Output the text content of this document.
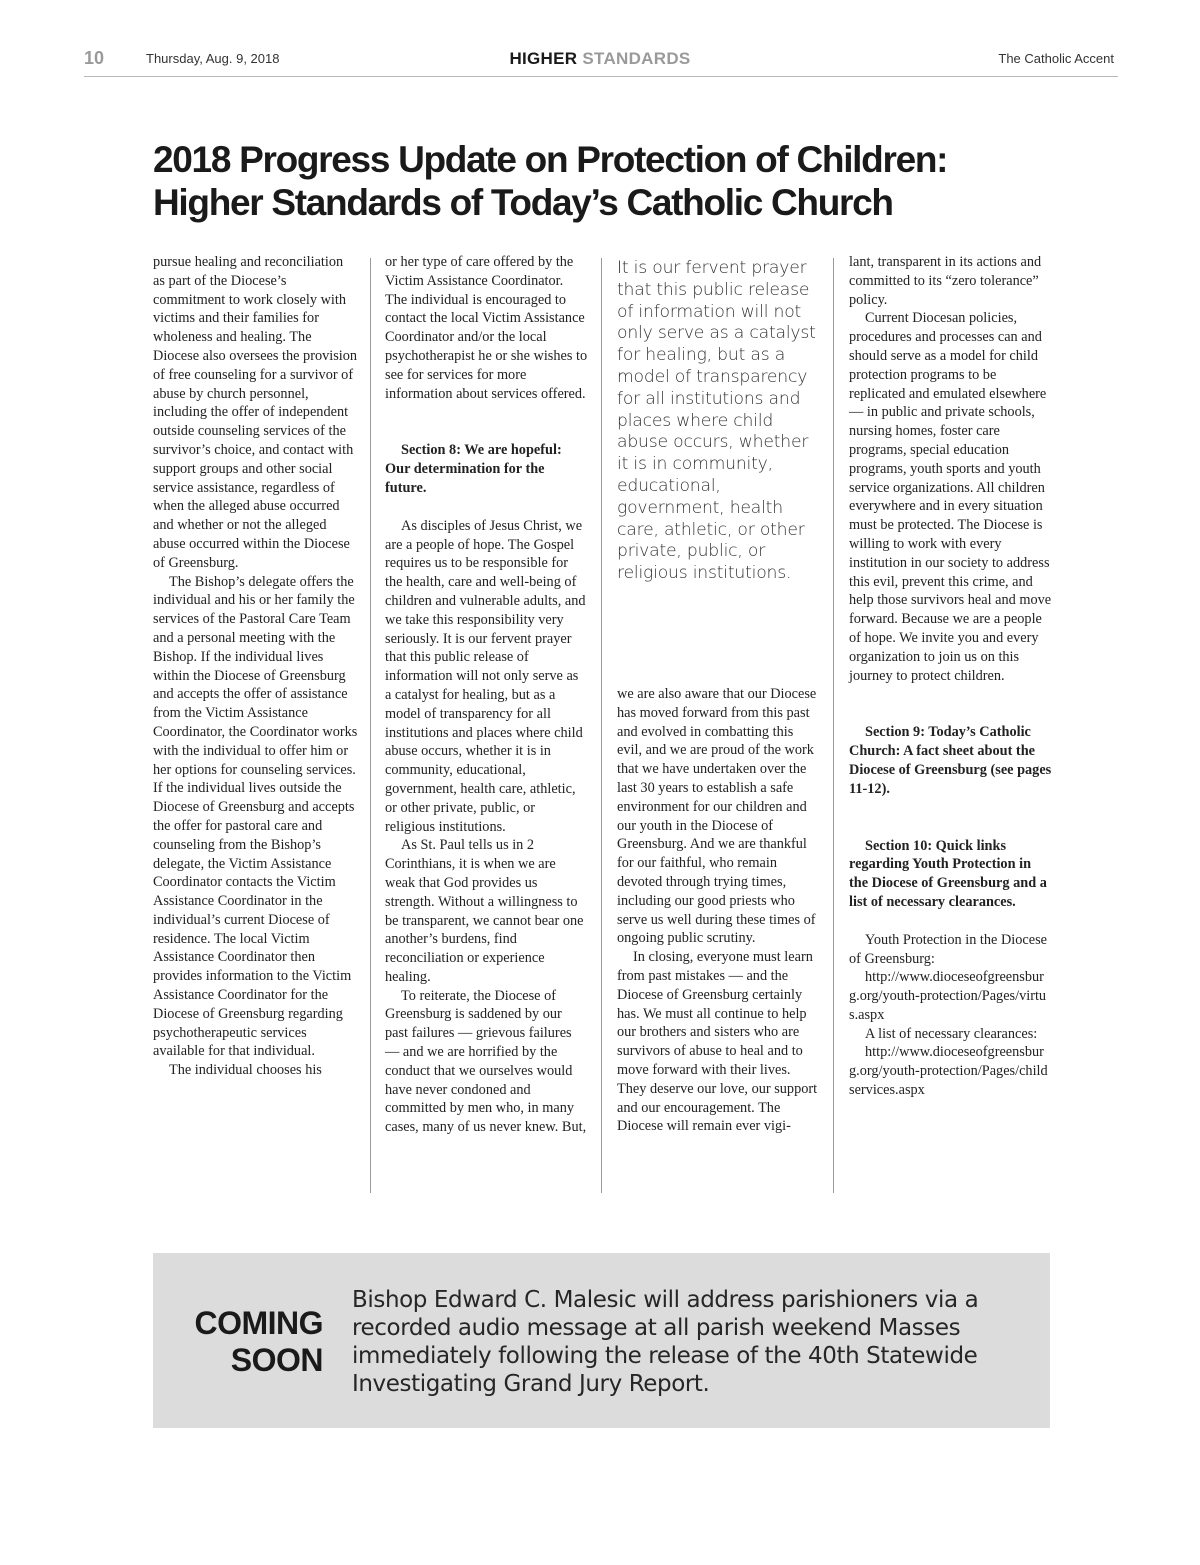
10	Thursday, Aug. 9, 2018	HIGHER STANDARDS	The Catholic Accent
2018 Progress Update on Protection of Children:
Higher Standards of Today’s Catholic Church

pursue healing and reconciliation as part of the Diocese’s commitment to work closely with victims and their families for wholeness and healing. The Diocese also oversees the provision of free counseling for a survivor of abuse by church personnel, including the offer of independent outside counseling services of the survivor’s choice, and contact with support groups and other social service assistance, regardless of when the alleged abuse occurred and whether or not the alleged abuse occurred within the Diocese of Greensburg.

The Bishop’s delegate offers the individual and his or her family the services of the Pastoral Care Team and a personal meeting with the Bishop. If the individual lives within the Diocese of Greensburg and accepts the offer of assistance from the Victim Assistance Coordinator, the Coordinator works with the individual to offer him or her options for counseling services. If the individual lives outside the Diocese of Greensburg and accepts the offer for pastoral care and counseling from the Bishop’s delegate, the Victim Assistance Coordinator contacts the Victim Assistance Coordinator in the individual’s current Diocese of residence. The local Victim Assistance Coordinator then provides information to the Victim Assistance Coordinator for the Diocese of Greensburg regarding psychotherapeutic services available for that individual.

The individual chooses his

or her type of care offered by the Victim Assistance Coordinator. The individual is encouraged to contact the local Victim Assistance Coordinator and/or the local psychotherapist he or she wishes to see for services for more information about services offered.

Section 8: We are hopeful: Our determination for the future.

As disciples of Jesus Christ, we are a people of hope. The Gospel requires us to be responsible for the health, care and well-being of children and vulnerable adults, and we take this responsibility very seriously. It is our fervent prayer that this public release of information will not only serve as a catalyst for healing, but as a model of transparency for all institutions and places where child abuse occurs, whether it is in community, educational, government, health care, athletic, or other private, public, or religious institutions.

As St. Paul tells us in 2 Corinthians, it is when we are weak that God provides us strength. Without a willingness to be transparent, we cannot bear one another’s burdens, find reconciliation or experience healing.

To reiterate, the Diocese of Greensburg is saddened by our past failures — grievous failures — and we are horrified by the conduct that we ourselves would have never condoned and committed by men who, in many cases, many of us never knew. But,

It is our fervent prayer that this public release of information will not only serve as a catalyst for healing, but as a model of transparency for all institutions and places where child abuse occurs, whether it is in community, educational, government, health care, athletic, or other private, public, or religious institutions.

we are also aware that our Diocese has moved forward from this past and evolved in combatting this evil, and we are proud of the work that we have undertaken over the last 30 years to establish a safe environment for our children and our youth in the Diocese of Greensburg. And we are thankful for our faithful, who remain devoted through trying times, including our good priests who serve us well during these times of ongoing public scrutiny.

In closing, everyone must learn from past mistakes — and the Diocese of Greensburg certainly has. We must all continue to help our brothers and sisters who are survivors of abuse to heal and to move forward with their lives. They deserve our love, our support and our encouragement. The Diocese will remain ever vigi-

lant, transparent in its actions and committed to its “zero tolerance” policy.

Current Diocesan policies, procedures and processes can and should serve as a model for child protection programs to be replicated and emulated elsewhere — in public and private schools, nursing homes, foster care programs, special education programs, youth sports and youth service organizations. All children everywhere and in every situation must be protected. The Diocese is willing to work with every institution in our society to address this evil, prevent this crime, and help those survivors heal and move forward. Because we are a people of hope. We invite you and every organization to join us on this journey to protect children.

Section 9: Today’s Catholic Church: A fact sheet about the Diocese of Greensburg (see pages 11-12).

Section 10: Quick links regarding Youth Protection in the Diocese of Greensburg and a list of necessary clearances.

Youth Protection in the Diocese of Greensburg:

http://www.dioceseofgreensburg.org/youth-protection/Pages/virtus.aspx

A list of necessary clearances:

http://www.dioceseofgreensburg.org/youth-protection/Pages/childservices.aspx

COMING
SOON
Bishop Edward C. Malesic will address parishioners via a recorded audio message at all parish weekend Masses immediately following the release of the 40th Statewide Investigating Grand Jury Report.
